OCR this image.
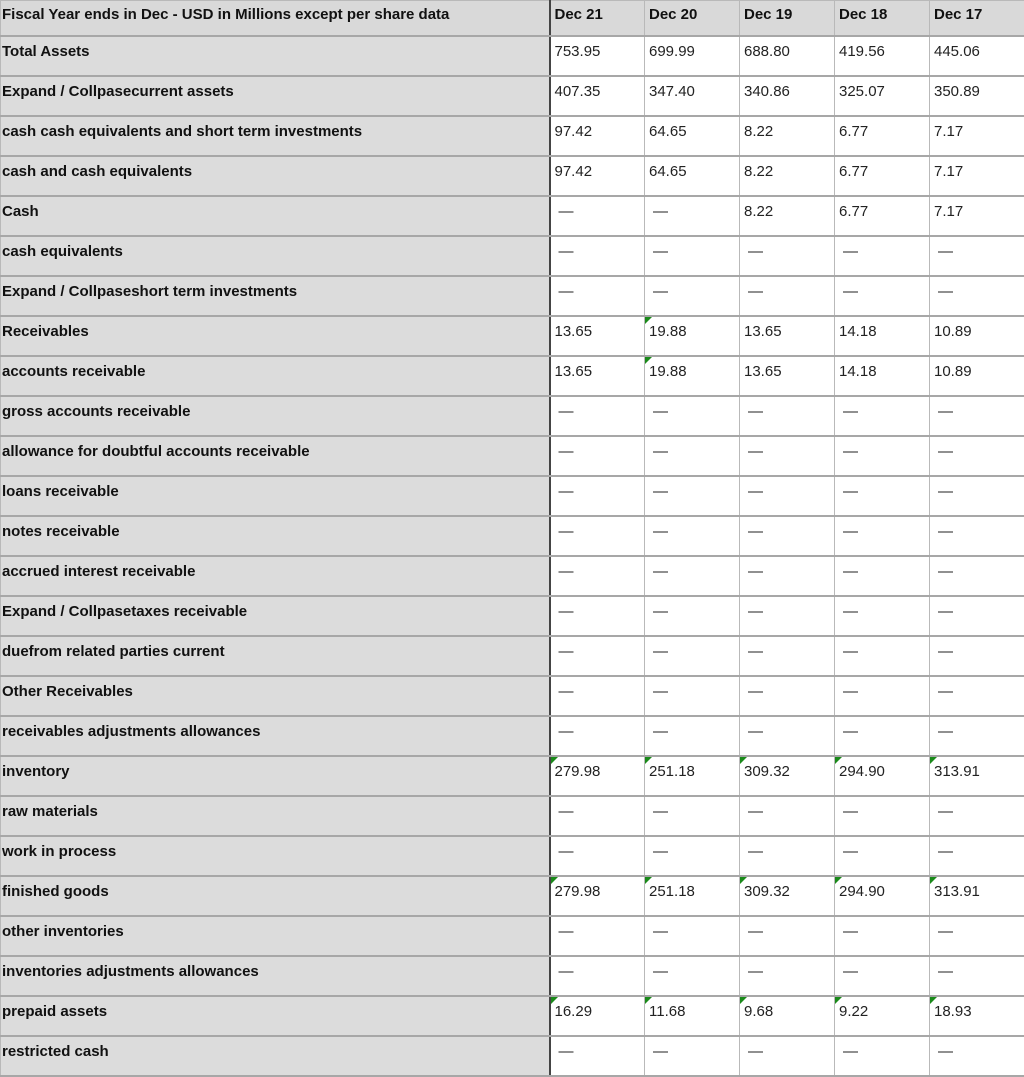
Fiscal Year ends in Dec - USD in Millions except per share data	Dec 21	Dec 20	Dec 19	Dec 18	Dec 17
Total Assets	753.95	699.99	688.80	419.56	445.06
Expand / Collpasecurrent assets	407.35	347.40	340.86	325.07	350.89
cash cash equivalents and short term investments	97.42	64.65	8.22	6.77	7.17
cash and cash equivalents	97.42	64.65	8.22	6.77	7.17
Cash	—	—	8.22	6.77	7.17
cash equivalents	—	—	—	—	—
Expand / Collpaseshort term investments	—	—	—	—	—
Receivables	13.65	19.88	13.65	14.18	10.89
accounts receivable	13.65	19.88	13.65	14.18	10.89
gross accounts receivable	—	—	—	—	—
allowance for doubtful accounts receivable	—	—	—	—	—
loans receivable	—	—	—	—	—
notes receivable	—	—	—	—	—
accrued interest receivable	—	—	—	—	—
Expand / Collpasetaxes receivable	—	—	—	—	—
duefrom related parties current	—	—	—	—	—
Other Receivables	—	—	—	—	—
receivables adjustments allowances	—	—	—	—	—
inventory	279.98	251.18	309.32	294.90	313.91

raw materials	—	—	—	—	—
work in process	—	—	—	—	—
finished goods	279.98	251.18	309.32	294.90	313.91

other inventories	—	—	—	—	—
inventories adjustments allowances	—	—	—	—	—
prepaid assets	16.29	11.68	9.68	9.22	18.93

restricted cash	—	—	—	—	—
